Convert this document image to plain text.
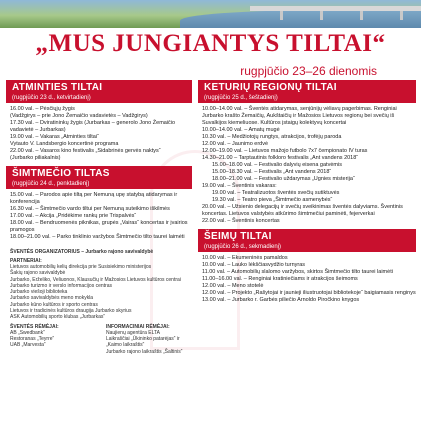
„MUS JUNGIANTYS TILTAI“
rugpjūčio 23–26 dienomis
ATMINTIES TILTAI
(rugpjūčio 23 d., ketvirtadienį)
16.00 val. – Pėsčiųjų žygis
(Vadžgirys – prie Jono Žemaičio vadavietės – Vadžgirys)
17.30 val. – Dviratininkų žygis (Jurbarkas – generolo Jono Žemaičio vadavietė – Jurbarkas)
19.00 val. – Vakaras „Atminties tiltai“
Vytauto V. Landsbergio koncertinė programa
22.00 val. – Vasaros kino festivalis „Sidabrinės gervės naktys“
(Jurbarko piliakalnis)
ŠIMTMEČIO TILTAS
(rugpjūčio 24 d., penktadienį)
15.00 val. – Parodos apie tiltą per Nemuną upę statybą atidarymas ir konferencija
16.30 val. – Šimtmečio vardo tiltui per Nemuną suteikimo iškilmės
17.00 val. – Akcija „Pridėkime rankų prie Trispalvės“
18.00 val. – Bendruomenės piknikas, grupės „Vairas“ koncertas ir įvairios pramogos
18.00–21.00 val. – Parko tinklinio varžybos Šimtmečio tilto taurei laimėti
ŠVENTĖS ORGANIZATORIUS – Jurbarko rajono savivaldybė
PARTNERIAI:
Lietuvos automobilių kelių direkcija prie Susisiekimo ministerijos
Šakių rajono savivaldybė
Jurbarko, Erželiko, Veliuonos, Klausučių ir Mažosios Lietuvos kultūros centrai
Jurbarko turizmo ir verslo informacijos centras
Jurbarko viešoji biblioteka
Jurbarko savivaldybės meno mokykla
Jurbarko kūno kultūros ir sporto centras
Lietuvos ir tradicinės kultūros draugija Jurbarko skyrius
ASK Automobilių sporto klubas „Jurbarkas“
ŠVENTĖS RĖMĖJAI:
AB „Swedbank“
Restoranas „Teyrre“
UAB „Marvesta“
INFORMACINIAI RĖMĖJAI:
Naujienų agentūra ELTA
Laikraščiai „Ūkininko patarėjas“ ir „Kaimo laikraštis“
Jurbarko rajono laikraštis „Šaltinis“
KETURIŲ REGIONŲ TILTAI
(rugpjūčio 25 d., šeštadienį)
10.00–14.00 val. – Šventės atidarymas, senjūnijų vėliavų pagerbimas. Renginiai Jurbarko krašto Žemaičių, Aukštaičių ir Mažosios Lietuvos regionų bei svečių iš Suvalkijos kiemeliuose. Kultūros įstaigų kolektyvų koncertai
10.00–14.00 val. – Amatų mugė
10.30 val. – Medžiotojų rungtys, atrakcijos, trofėjų paroda
12.00 val. – Jaunimo erdvė
12.00–19.00 val. – Lietuvos mažojo futbolo 7x7 čempionato IV turas
14.30–21.00 – Tarptautinis folkloro festivalis „Ant vandens 2018“
15.00–18.00 val. – Festivalio dalyvių eisena gatvėmis
15.00–18.30 val. – Festivalis „Ant vandens 2018“
18.00–21.00 val. – Festivalio uždarymas „Ugnies misterija“
19.00 val. – Šventinis vakaras:
19.00 val. – Teatralizuotos šventės svečių sutiktuvės
19.30 val. – Teatro pieva „Šimtmečio asmenybės“
20.00 val. – Užsienio delegacijų ir svečių sveikinimas šventės dalyviams. Šventinis koncertas. Lietuvos valstybės atkūrimo šimtmečiui paminėti, fejerverkai
22.00 val. – Šventinis koncertas
ŠEIMŲ TILTAI
(rugpjūčio 26 d., sekmadienį)
10.00 val. – Ekumeninės pamaldos
10.00 val. – Lauko lėkščiasvydžio turnyras
11.00 val. – Automobilių slalomo varžybos, skirtos Šimtmečio tilto taurei laimėti
11.00–16.00 val. – Renginiai kratiniečiams ir atrakcijos šeimoms
12.00 val. – Meno stotelė
12.00 val. – Projekto „Rašytojai ir jaunieji iliustruotojai bibliotekoje“ baigiamasis renginys
13.00 val. – Jurbarko r. Garbės piliečio Arnoldo Piročkino knygos
